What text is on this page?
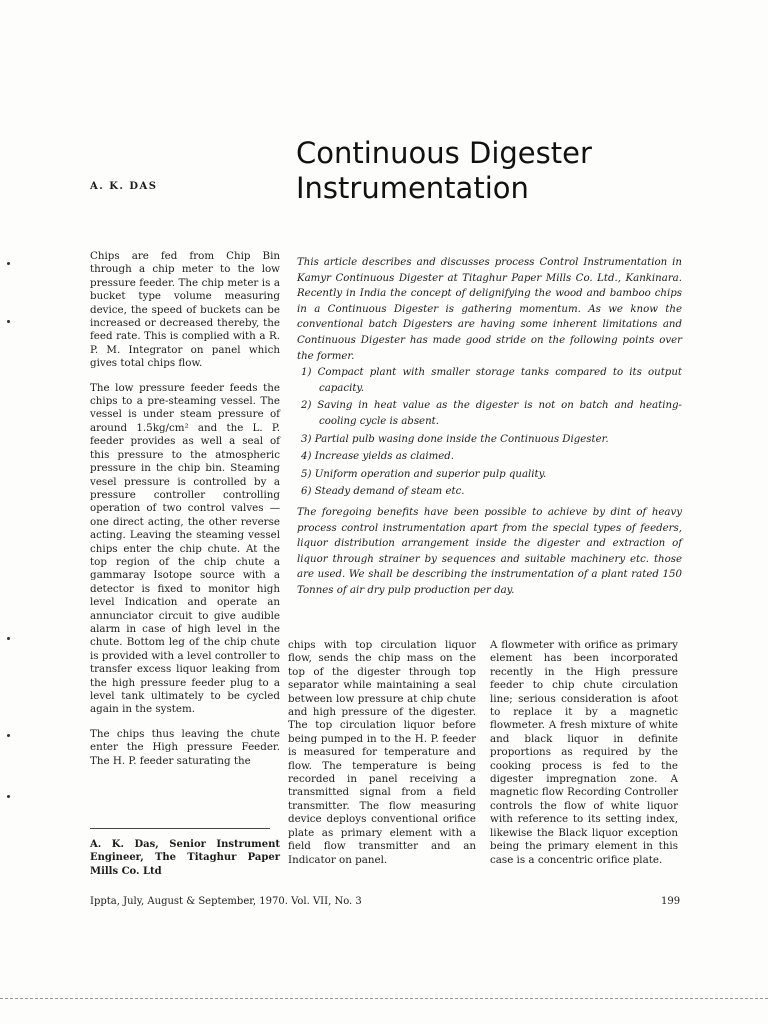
Continuous Digester
Instrumentation

A. K. DAS

Chips are fed from Chip Bin through a chip meter to the low pressure feeder. The chip meter is a bucket type volume measuring device, the speed of buckets can be increased or decreased thereby, the feed rate. This is complied with a R. P. M. Integrator on panel which gives total chips flow.

The low pressure feeder feeds the chips to a pre-steaming vessel. The vessel is under steam pressure of around 1.5kg/cm² and the L. P. feeder provides as well a seal of this pressure to the atmospheric pressure in the chip bin. Steaming vesel pressure is controlled by a pressure controller controlling operation of two control valves — one direct acting, the other reverse acting. Leaving the steaming vessel chips enter the chip chute. At the top region of the chip chute a gammaray Isotope source with a detector is fixed to monitor high level Indication and operate an annunciator circuit to give audible alarm in case of high level in the chute. Bottom leg of the chip chute is provided with a level controller to transfer excess liquor leaking from the high pressure feeder plug to a level tank ultimately to be cycled again in the system.

The chips thus leaving the chute enter the High pressure Feeder. The H. P. feeder saturating the

This article describes and discusses process Control Instrumentation in Kamyr Continuous Digester at Titaghur Paper Mills Co. Ltd., Kankinara. Recently in India the concept of delignifying the wood and bamboo chips in a Continuous Digester is gathering momentum. As we know the conventional batch Digesters are having some inherent limitations and Continuous Digester has made good stride on the following points over the former.

1) Compact plant with smaller storage tanks compared to its output capacity.
2) Saving in heat value as the digester is not on batch and heating-cooling cycle is absent.
3) Partial pulb wasing done inside the Continuous Digester.
4) Increase yields as claimed.
5) Uniform operation and superior pulp quality.
6) Steady demand of steam etc.

The foregoing benefits have been possible to achieve by dint of heavy process control instrumentation apart from the special types of feeders, liquor distribution arrangement inside the digester and extraction of liquor through strainer by sequences and suitable machinery etc. those are used. We shall be describing the instrumentation of a plant rated 150 Tonnes of air dry pulp production per day.

chips with top circulation liquor flow, sends the chip mass on the top of the digester through top separator while maintaining a seal between low pressure at chip chute and high pressure of the digester. The top circulation liquor before being pumped in to the H. P. feeder is measured for temperature and flow. The temperature is being recorded in panel receiving a transmitted signal from a field transmitter. The flow measuring device deploys conventional orifice plate as primary element with a field flow transmitter and an Indicator on panel.

A flowmeter with orifice as primary element has been incorporated recently in the High pressure feeder to chip chute circulation line; serious consideration is afoot to replace it by a magnetic flowmeter. A fresh mixture of white and black liquor in definite proportions as required by the cooking process is fed to the digester impregnation zone. A magnetic flow Recording Controller controls the flow of white liquor with reference to its setting index, likewise the Black liquor exception being the primary element in this case is a concentric orifice plate.

A. K. Das, Senior Instrument Engineer, The Titaghur Paper Mills Co. Ltd
Ippta, July, August & September, 1970. Vol. VII, No. 3	199
